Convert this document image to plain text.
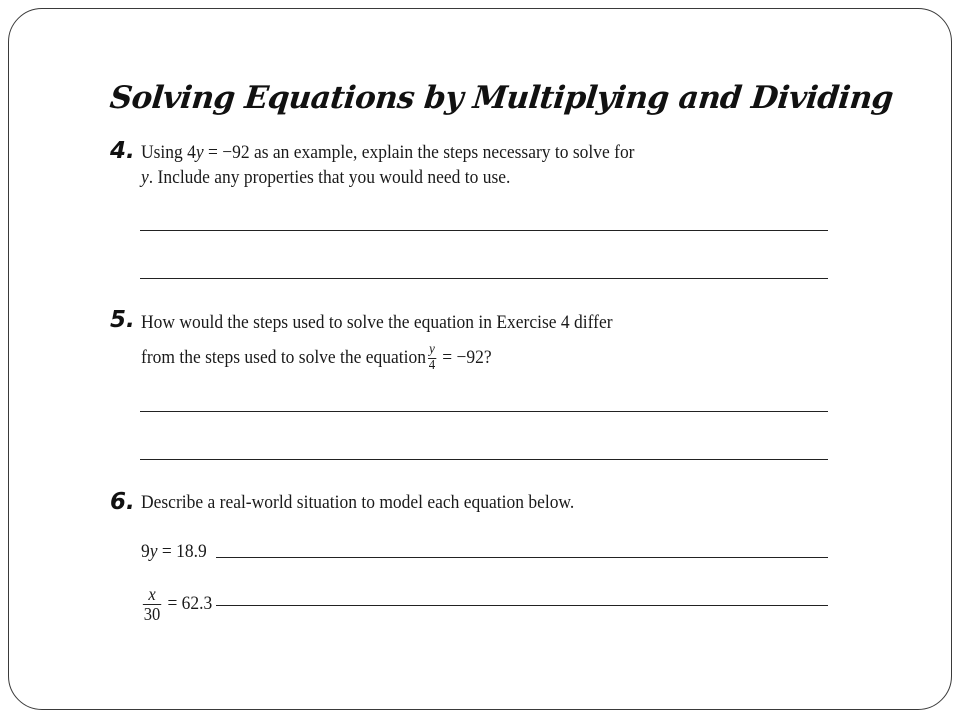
Solving Equations by Multiplying and Dividing
4. Using 4y = −92 as an example, explain the steps necessary to solve for
y. Include any properties that you would need to use.
5. How would the steps used to solve the equation in Exercise 4 differ
from the steps used to solve the equation $\frac{y}{4} = -92$?
6. Describe a real-world situation to model each equation below.
9y = 18.9
$\frac{x}{30} = 62.3$
